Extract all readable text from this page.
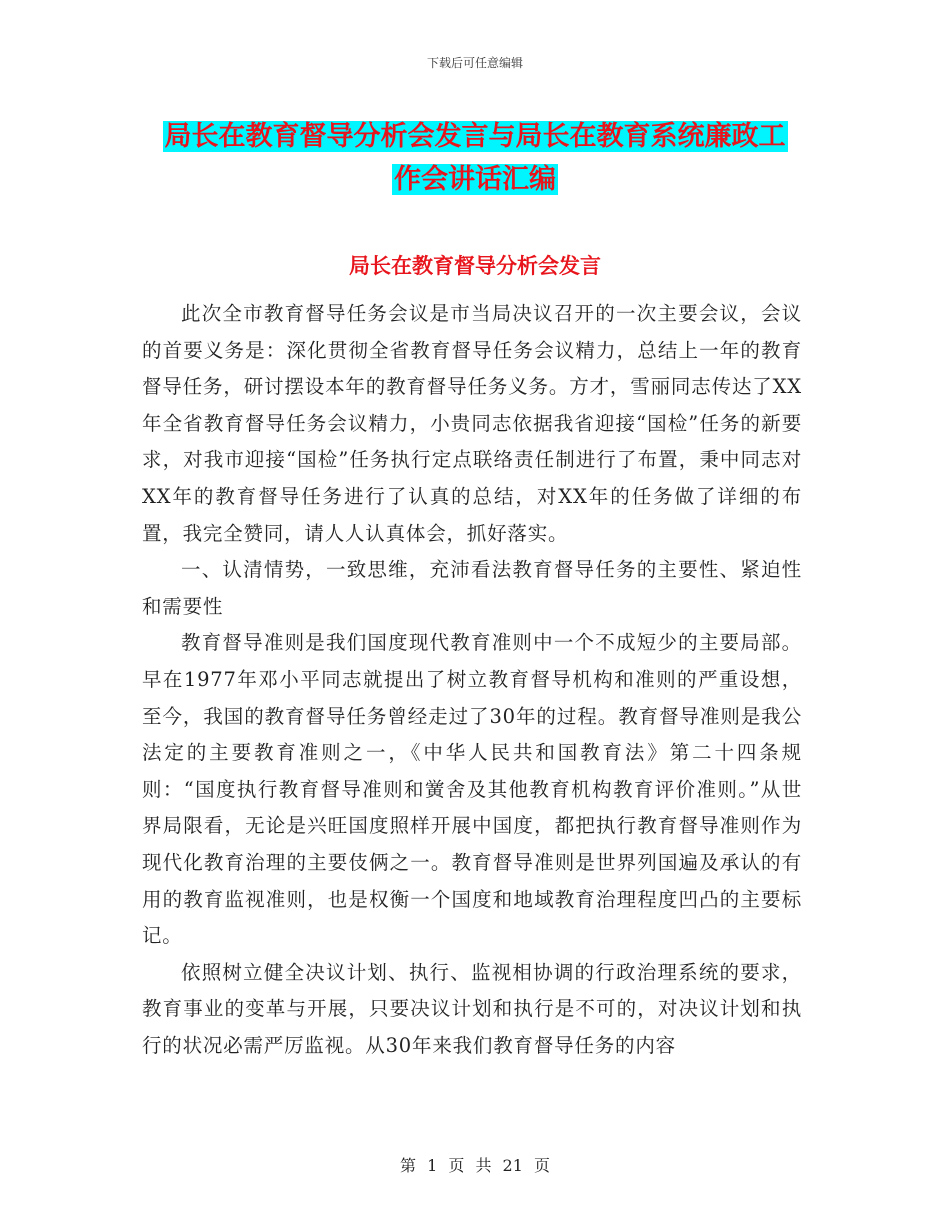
下载后可任意编辑
局长在教育督导分析会发言与局长在教育系统廉政工
作会讲话汇编
局长在教育督导分析会发言

此次全市教育督导任务会议是市当局决议召开的一次主要会议，会议的首要义务是：深化贯彻全省教育督导任务会议精力，总结上一年的教育督导任务，研讨摆设本年的教育督导任务义务。方才，雪丽同志传达了XX年全省教育督导任务会议精力，小贵同志依据我省迎接“国检”任务的新要求，对我市迎接“国检”任务执行定点联络责任制进行了布置，秉中同志对XX年的教育督导任务进行了认真的总结，对XX年的任务做了详细的布置，我完全赞同，请人人认真体会，抓好落实。

一、认清情势，一致思维，充沛看法教育督导任务的主要性、紧迫性和需要性

教育督导准则是我们国度现代教育准则中一个不成短少的主要局部。早在1977年邓小平同志就提出了树立教育督导机构和准则的严重设想，至今，我国的教育督导任务曾经走过了30年的过程。教育督导准则是我公法定的主要教育准则之一，《中华人民共和国教育法》第二十四条规则：“国度执行教育督导准则和黉舍及其他教育机构教育评价准则。”从世界局限看，无论是兴旺国度照样开展中国度，都把执行教育督导准则作为现代化教育治理的主要伎俩之一。教育督导准则是世界列国遍及承认的有用的教育监视准则，也是权衡一个国度和地域教育治理程度凹凸的主要标记。

依照树立健全决议计划、执行、监视相协调的行政治理系统的要求，教育事业的变革与开展，只要决议计划和执行是不可的，对决议计划和执行的状况必需严厉监视。从30年来我们教育督导任务的内容

第 1 页 共 21 页
